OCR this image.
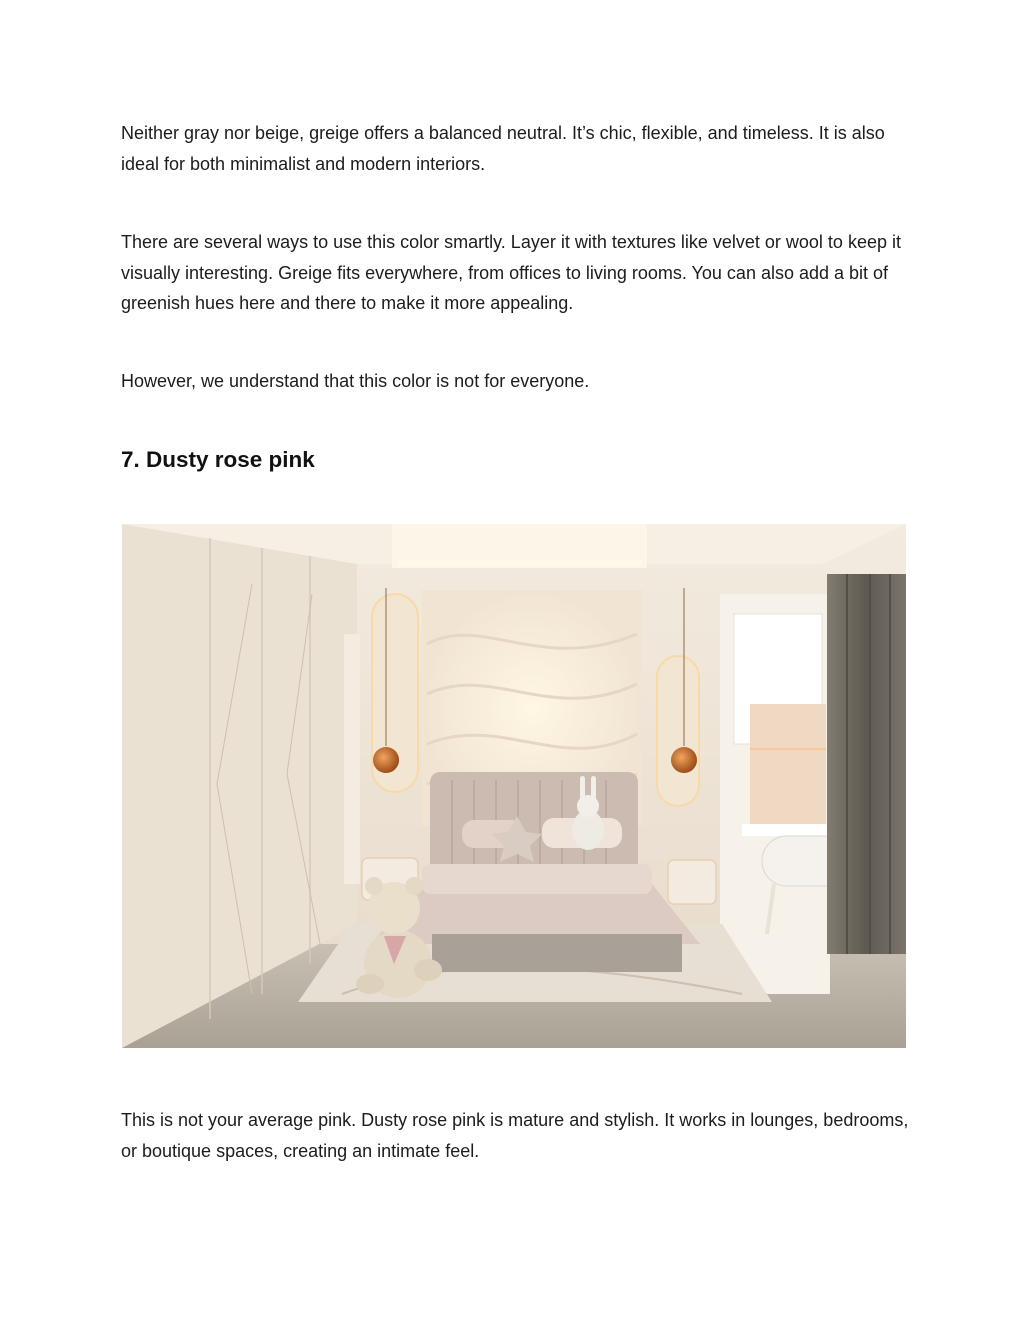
Neither gray nor beige, greige offers a balanced neutral. It’s chic, flexible, and timeless. It is also ideal for both minimalist and modern interiors.

There are several ways to use this color smartly. Layer it with textures like velvet or wool to keep it visually interesting. Greige fits everywhere, from offices to living rooms. You can also add a bit of greenish hues here and there to make it more appealing.

However, we understand that this color is not for everyone.

7. Dusty rose pink

This is not your average pink. Dusty rose pink is mature and stylish. It works in lounges, bedrooms, or boutique spaces, creating an intimate feel.
